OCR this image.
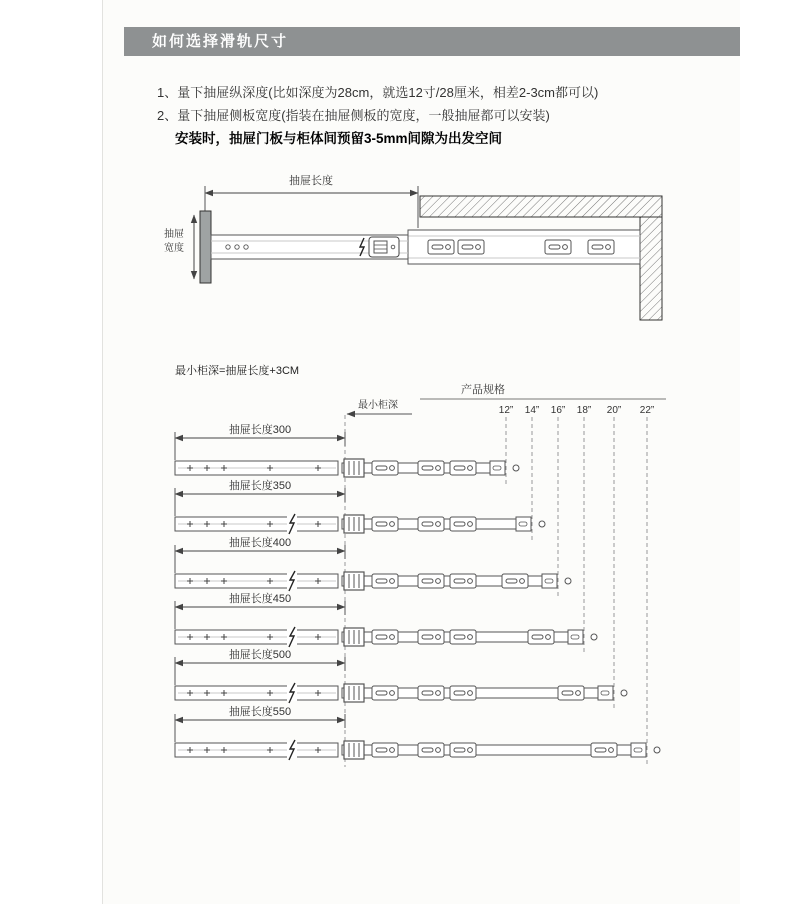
如何选择滑轨尺寸

1、量下抽屉纵深度(比如深度为28cm，就选12寸/28厘米，相差2-3cm都可以)

2、量下抽屉侧板宽度(指装在抽屉侧板的宽度，一般抽屉都可以安装)

安装时，抽屉门板与柜体间预留3-5mm间隙为出发空间

抽屉长度
抽屉
宽度
最小柜深=抽屉长度+3CM
产品规格
12” 14” 16” 18” 20” 22”
最小柜深
抽屉长度300
抽屉长度350
抽屉长度400
抽屉长度450
抽屉长度500
抽屉长度550
